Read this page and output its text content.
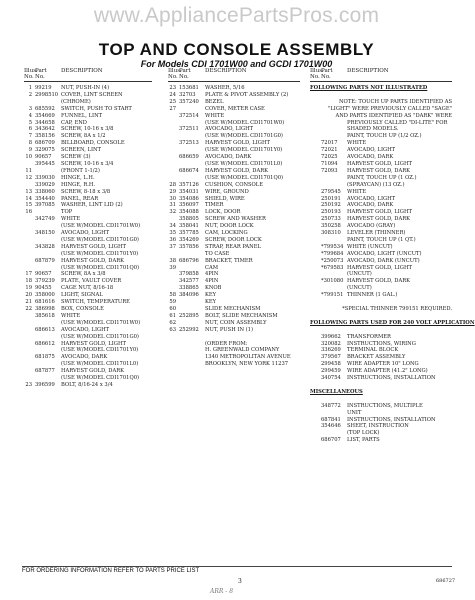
www.AppliancePartsPros.com
TOP AND CONSOLE ASSEMBLY
For Models CDI 1701W00 and GCDI 1701W00
Illus.
No.
Part
No.
DESCRIPTION
1 99219	NUT, PUSH-IN (4)
2 2998510 COVER, LINT SCREEN

(CHROME)
3 685592	SWITCH, PUSH TO START
4 354669	FUNNEL, LINT
5 344658	CAP, END
6 343642	SCREW, 10-16 x 3/8
7 358156	SCREW, 8A x 1/2
8 686709	BILLBOARD, CONSOLE
9 329075	SCREEN, LINT
10 90657	SCREW (3)

395445	SCREW, 10-16 x 3/4
11
	(FRONT 1-1/2)
12 339030	HINGE, L.H.

339029	HINGE, R.H.
13 338060	SCREW, 8-18 x 3/8
14 354440	PANEL, REAR
15 397085	WASHER, LINT LID (2)
16
	TOP

342749	WHITE

(USE W/MODEL CDI1701W0)

348150	AVOCADO, LIGHT

(USE W/MODEL CDI1701G0)

343828	HARVEST GOLD, LIGHT

(USE W/MODEL CDI1701Y0)

687879	HARVEST GOLD, DARK

(USE W/MODEL CDI1701Q0)
17 90657	SCREW, 8A x 3/8
18 379239	PLATE, VAULT COVER
19 90455	CAGE NUT, 8/16-18
20 358000	LIGHT, SIGNAL
21 681616	SWITCH, TEMPERATURE
22 386998	BOX, CONSOLE

385618	WHITE

(USE W/MODEL CDI1701W0)

686613	AVOCADO, LIGHT

(USE W/MODEL CDI1701G0)

686612	HARVEST GOLD, LIGHT

(USE W/MODEL CDI1701Y0)

681875	AVOCADO, DARK

(USE W/MODEL CDI1701L0)

687877	HARVEST GOLD, DARK

(USE W/MODEL CDI1701Q0)
23 396599	BOLT, 8/16-24 x 3/4
Illus.
No.
Part
No.
DESCRIPTION
23 153681	WASHER, 5/16
24 32703	PLATE & PIVOT ASSEMBLY (2)
25 357240	BEZEL
27
	COVER, METER CASE

372514	WHITE

(USE W/MODEL CDI1701W0)

372511	AVOCADO, LIGHT

(USE W/MODEL CDI1701G0)

372513	HARVEST GOLD, LIGHT

(USE W/MODEL CDI1701Y0)

686659	AVOCADO, DARK

(USE W/MODEL CDI1701L0)

686674	HARVEST GOLD, DARK

(USE W/MODEL CDI1701Q0)
28 357126	CUSHION, CONSOLE
29 354031	WIRE, GROUND
30 354086	SHIELD, WIRE
31 356097	TIMER
32 354088	LOCK, DOOR

358805	SCREW AND WASHER
34 358041	NUT, DOOR LOCK
35 357785	CAM, LOCKING
36 354269	SCREW, DOOR LOCK
37 357856	STRAP, REAR PANEL

TO CASE
38 686796	BRACKET, TIMER
39
	CAM

379858	4PIN

342577	4PIN

338865	KNOB
58 384096	KEY
59
	KEY
60
	SLIDE MECHANISM
61 252895	BOLT, SLIDE MECHANISM
62
	NUT, COIN ASSEMBLY
63 252992	NUT, PUSH IN (1)

(ORDER FROM:

H. GREENWALD COMPANY

1340 METROPOLITAN AVENUE

BROOKLYN, NEW YORK 11237
Illus.
No.
Part
No.
DESCRIPTION
FOLLOWING PARTS NOT ILLUSTRATED

NOTE: TOUCH UP PARTS IDENTIFIED AS

"LIGHT" WERE PREVIOUSLY CALLED "SAGE"

AND PARTS IDENTIFIED AS "DARK" WERE

PREVIOUSLY CALLED "DI-LITE" FOR

SHADED MODELS.

PAINT, TOUCH UP (1/2 OZ.)

72017	WHITE

72021	AVOCADO, LIGHT

72025	AVOCADO, DARK

71094	HARVEST GOLD, LIGHT

72093	HARVEST GOLD, DARK

PAINT, TOUCH UP (1 OZ.)

(SPRAYCAN) (13 OZ.)

279545	WHITE

250191	AVOCADO, LIGHT

250192	AVOCADO, DARK

250193	HARVEST GOLD, LIGHT

250733	HARVEST GOLD, DARK

350258	AVOCADO (GRAY)

308310	LEVELER (THINNER)

PAINT, TOUCH UP (1 QT.)

*799534 WHITE (UNCUT)

*799684 AVOCADO, LIGHT (UNCUT)

*250073 AVOCADO, DARK (UNCUT)

*679583 HARVEST GOLD, LIGHT

(UNCUT)

*301080 HARVEST GOLD, DARK

(UNCUT)

*799151 THINNER (1 GAL.)

*SPECIAL THINNER 799151 REQUIRED.

FOLLOWING PARTS USED FOR 240 VOLT APPLICATION

399662	TRANSFORMER

320082	INSTRUCTIONS, WIRING

336269	TERMINAL BLOCK

379567	BRACKET ASSEMBLY

299458	WIRE ADAPTER 10" LONG

299459	WIRE ADAPTER (41.2" LONG)

340754	INSTRUCTIONS, INSTALLATION

MISCELLANEOUS

348772	INSTRUCTIONS, MULTIPLE

UNIT

687841	INSTRUCTIONS, INSTALLATION

354646	SHEET, INSTRUCTION

(TOP LOCK)

686707	LIST, PARTS
FOR ORDERING INFORMATION REFER TO PARTS PRICE LIST
3	686727
ARR - 8
